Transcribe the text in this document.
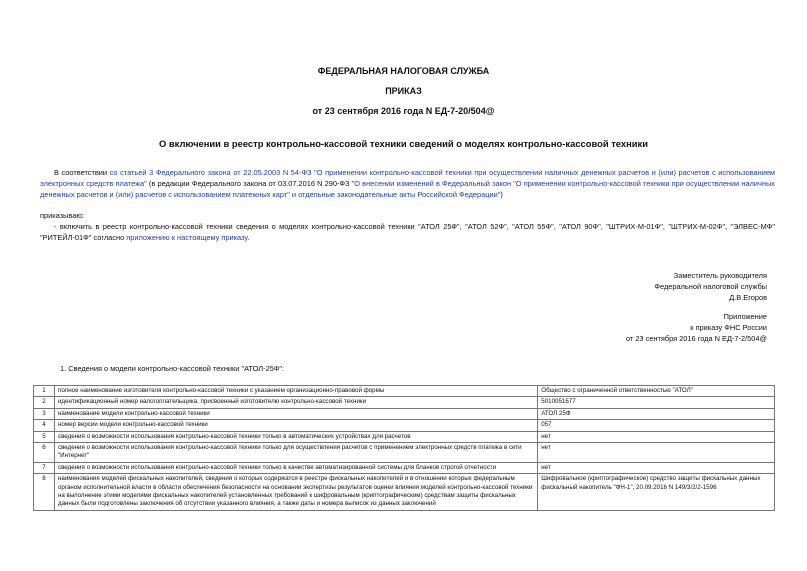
ФЕДЕРАЛЬНАЯ НАЛОГОВАЯ СЛУЖБА
ПРИКАЗ
от 23 сентября 2016 года N ЕД-7-20/504@
О включении в реестр контрольно-кассовой техники сведений о моделях контрольно-кассовой техники
В соответствии со статьей 3 Федерального закона от 22.05.2003 N 54-ФЗ "О применении контрольно-кассовой техники при осуществлении наличных денежных расчетов и (или) расчетов с использованием электронных средств платежа" (в редакции Федерального закона от 03.07.2016 N 290-ФЗ "О внесении изменений в Федеральный закон "О применении контрольно-кассовой техники при осуществлении наличных денежных расчетов и (или) расчетов с использованием платежных карт" и отдельные законодательные акты Российской Федерации")
приказываю:
- включить в реестр контрольно-кассовой техники сведения о моделях контрольно-кассовой техники "АТОЛ 25Ф", "АТОЛ 52Ф", "АТОЛ 55Ф", "АТОЛ 90Ф", "ШТРИХ-М-01Ф", "ШТРИХ-М-02Ф", "ЭЛВЕС-МФ" "РИТЕЙЛ-01Ф" согласно приложению к настоящему приказу.
Заместитель руководителя
Федеральной налоговой службы
Д.В.Егоров
Приложение
к приказу ФНС России
от 23 сентября 2016 года N ЕД-7-2/504@
1. Сведения о модели контрольно-кассовой техники "АТОЛ-25Ф":
1	полное наименование изготовителя контрольно-кассовой техники с указанием организационно-правовой формы	Общество с ограниченной ответственностью "АТОЛ"
2	идентификационный номер налогоплательщика, присвоенный изготовителю контрольно-кассовой техники	5010051677
3	наименование модели контрольно-кассовой техники	АТОЛ 25Ф
4	номер версии модели контрольно-кассовой техники	057
5	сведения о возможности использования контрольно-кассовой техники только в автоматических устройствах для расчетов	нет
6	сведения о возможности использования контрольно-кассовой техники только для осуществления расчетов с применением электронных средств платежа в сети "Интернет"	нет
7	сведения о возможности использования контрольно-кассовой техники только в качестве автоматизированной системы для бланков строгой отчетности	нет
8	наименования моделей фискальных накопителей, сведения о которых содержатся в реестре фискальных накопителей и в отношении которых федеральным органом исполнительной власти в области обеспечения безопасности на основании экспертизы результатов оценки влияния моделей контрольно-кассовой техники на выполнение этими моделями фискальных накопителей установленных требований к шифровальным (криптографическим) средствам защиты фискальных данных были подготовлены заключения об отсутствии указанного влияния, а также даты и номера выписок из данных заключений	Шифровальное (криптографическое) средство защиты фискальных данных фискальный накопитель "ФН-1", 20.09.2016 N 149/3/2/2-1596
